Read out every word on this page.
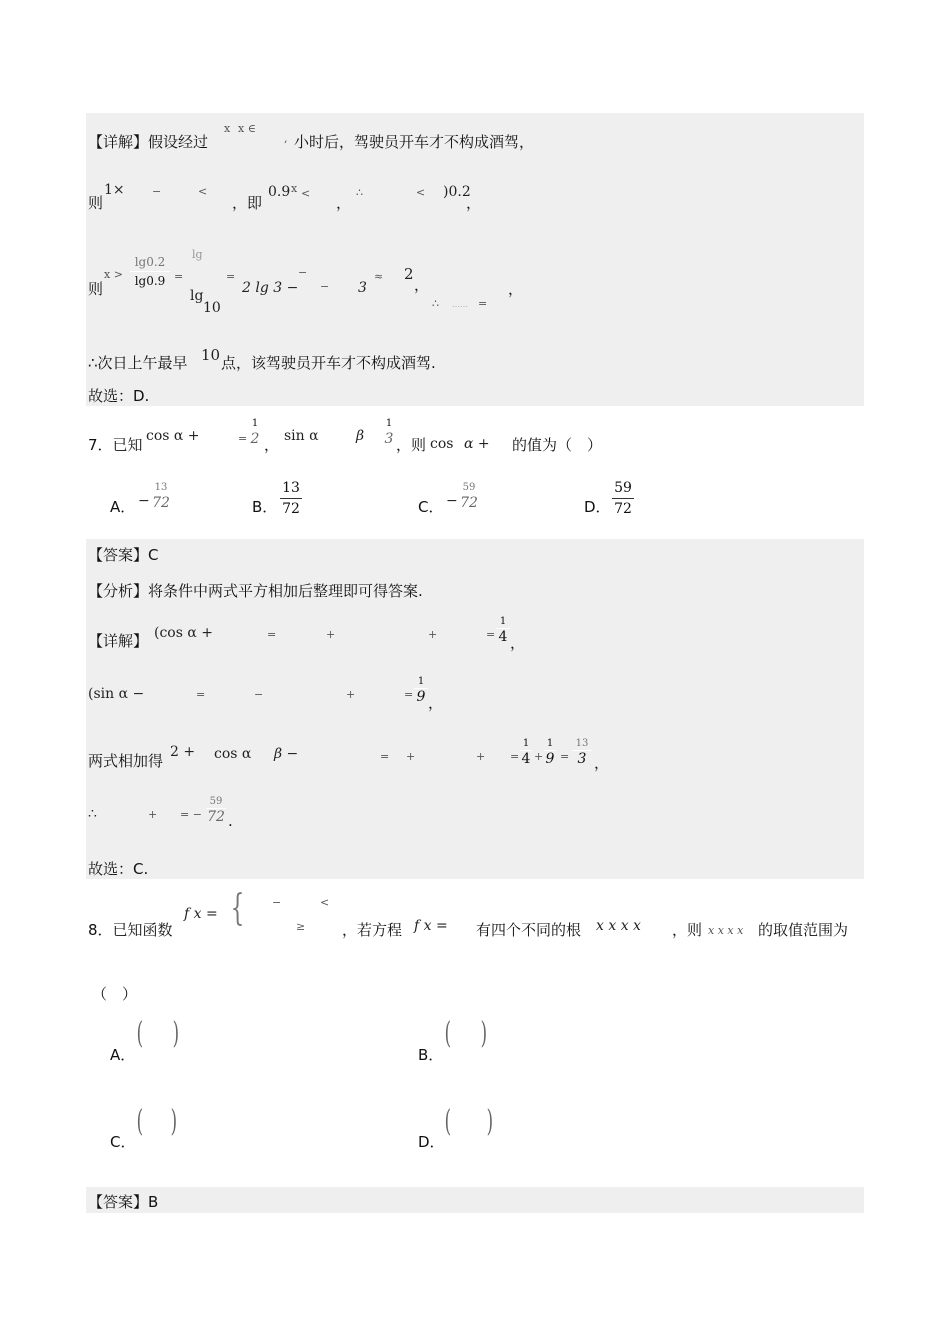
【详解】假设经过
x x ∈
, 小时后，驾驶员开车才不构成酒驾，
则
1× −	<
，即
0.9 x <
，
∴	< )0.2
，
则
x >
lg0.2
lg0.9 =
lg
lg
10
=
2 lg 3 −
−
− 3
≈ 2
，
∴ …… =
，
∴次日上午最早 10 点，该驾驶员开车才不构成酒驾.
故选：D.
7．已知 cos α +	=
1
2 ， sin α	β
1
3 ，则 cos α + 的值为（　）
A． −
13
72	B．
13
72	C． −
59
72	D．
59
72
【答案】C
【分析】将条件中两式平方相加后整理即可得答案.
【详解】 (cos α +	=	+	+	=
1
4 ，
(sin α −	=	−	+	=
1
9 ，
两式相加得 2 + cos α β −	= +	+ =
1
4 +
1
9 =
13
3 ，
∴	+ = −
59
72 .
故选：C.
8．已知函数
f x = {	−	<
≥ ，若方程 f x = 有四个不同的根 x x x x ，则 x x x x 的取值范围为
（　）
A．
( )
B．
( )
C．
( )
D．
( )
【答案】B
